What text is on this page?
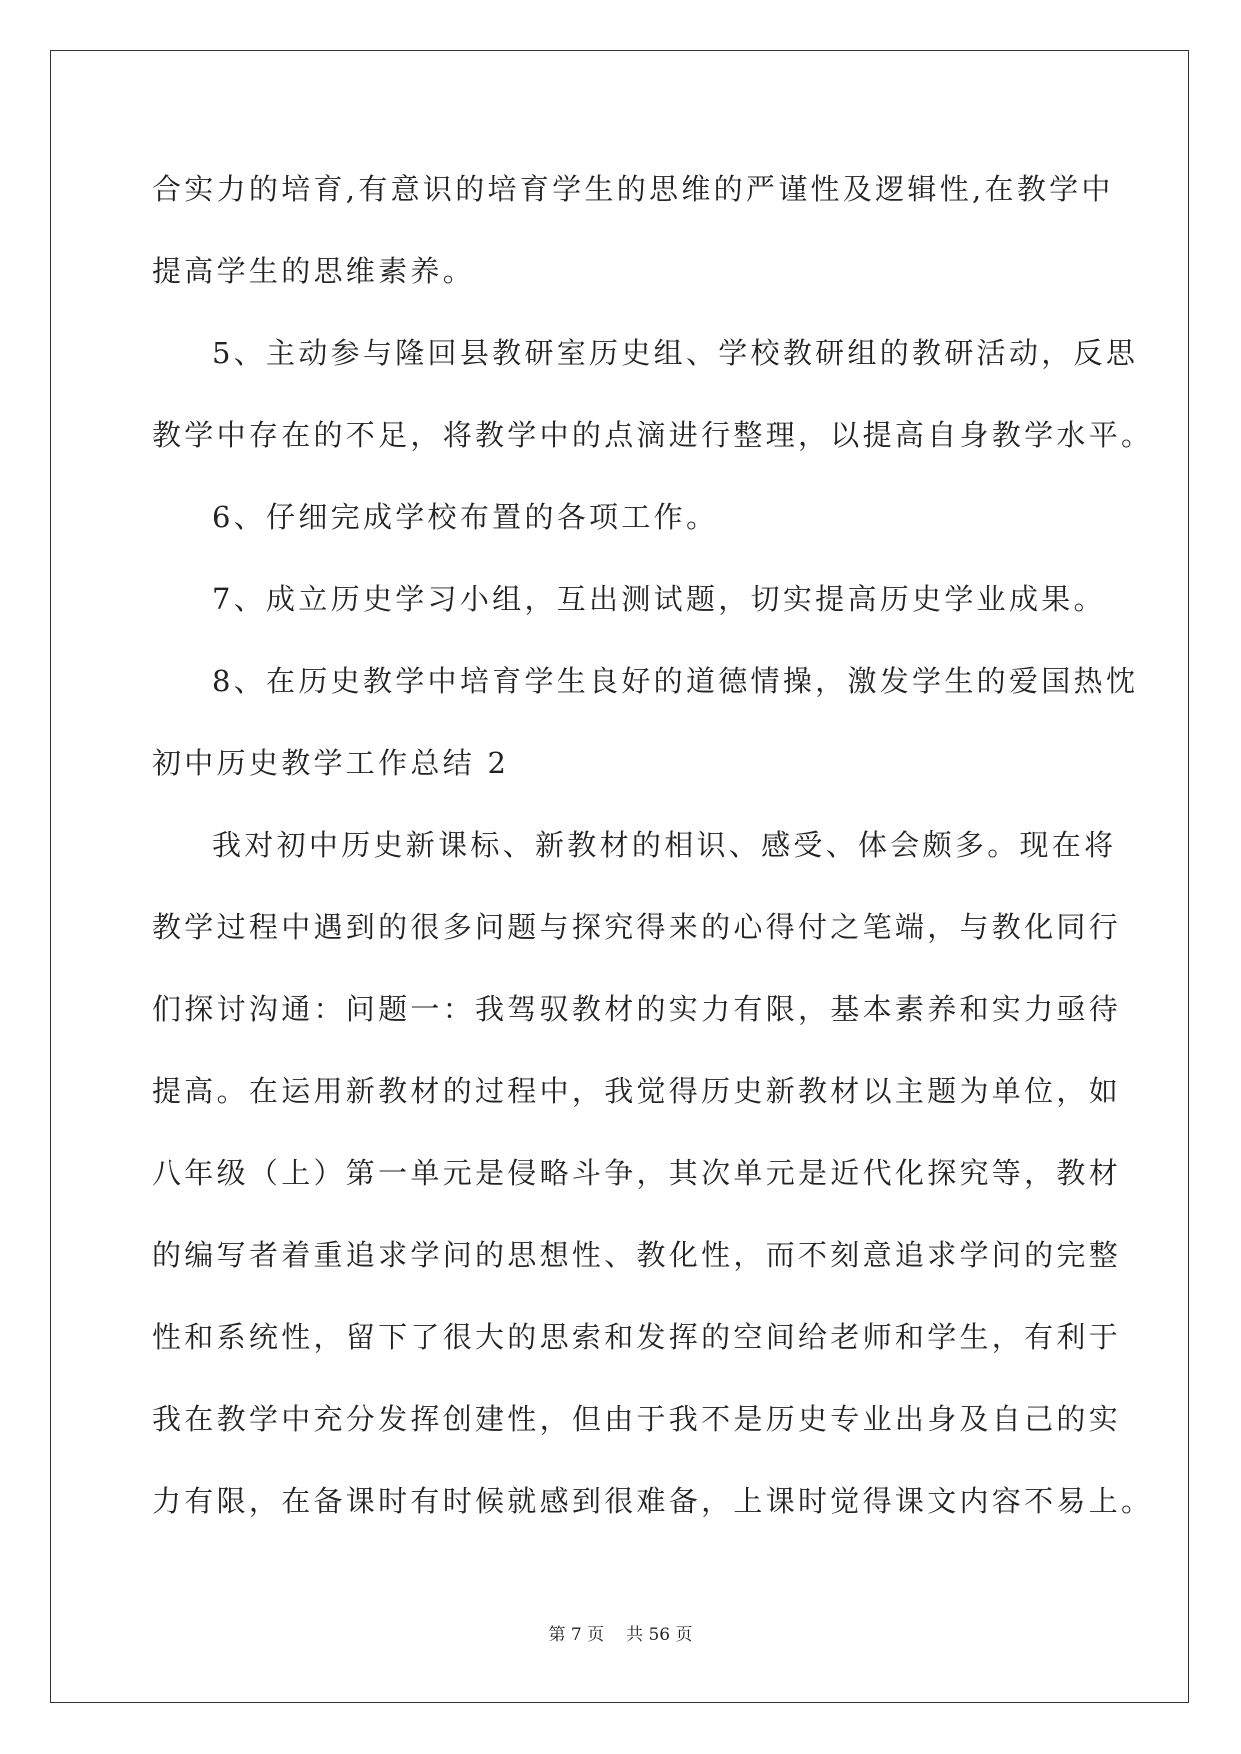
合实力的培育,有意识的培育学生的思维的严谨性及逻辑性,在教学中
提高学生的思维素养。
5、主动参与隆回县教研室历史组、学校教研组的教研活动，反思
教学中存在的不足，将教学中的点滴进行整理，以提高自身教学水平。
6、仔细完成学校布置的各项工作。
7、成立历史学习小组，互出测试题，切实提高历史学业成果。
8、在历史教学中培育学生良好的道德情操，激发学生的爱国热忱
初中历史教学工作总结 2
我对初中历史新课标、新教材的相识、感受、体会颇多。现在将
教学过程中遇到的很多问题与探究得来的心得付之笔端，与教化同行
们探讨沟通：问题一：我驾驭教材的实力有限，基本素养和实力亟待
提高。在运用新教材的过程中，我觉得历史新教材以主题为单位，如
八年级（上）第一单元是侵略斗争，其次单元是近代化探究等，教材
的编写者着重追求学问的思想性、教化性，而不刻意追求学问的完整
性和系统性，留下了很大的思索和发挥的空间给老师和学生，有利于
我在教学中充分发挥创建性，但由于我不是历史专业出身及自己的实
力有限，在备课时有时候就感到很难备，上课时觉得课文内容不易上。
第 7 页 共 56 页
